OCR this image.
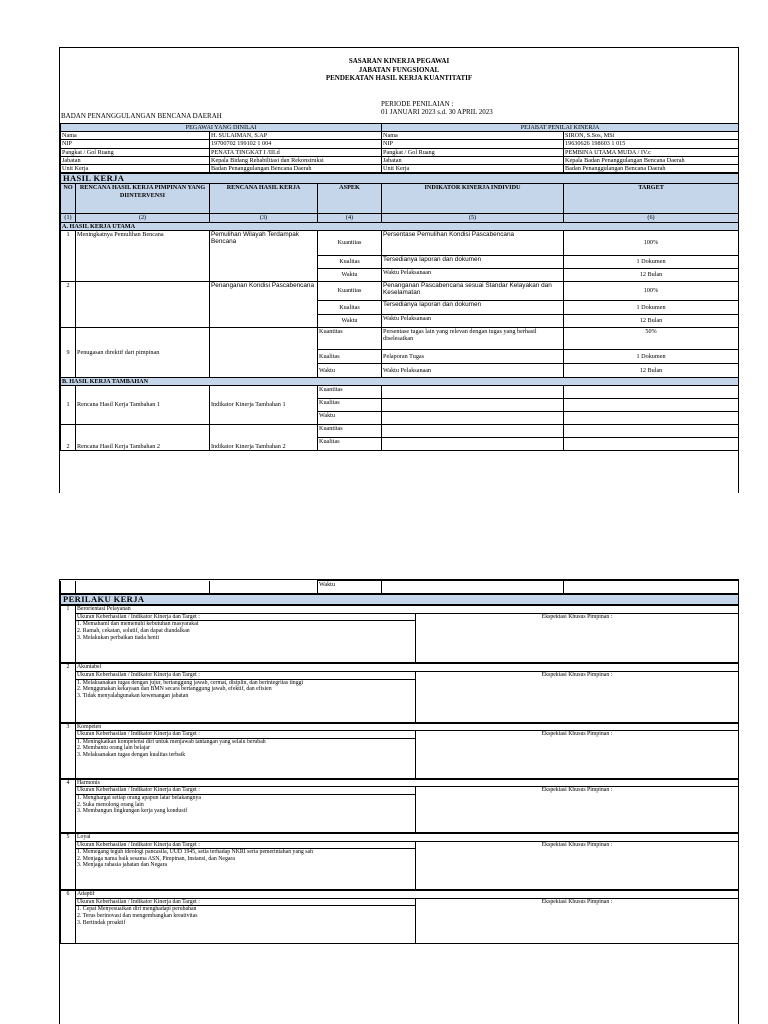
SASARAN KINERJA PEGAWAI
JABATAN FUNGSIONAL
PENDEKATAN HASIL KERJA KUANTITATIF
PERIODE PENILAIAN :
01 JANUARI 2023 s.d. 30 APRIL 2023
BADAN PENANGGULANGAN BENCANA DAERAH
PEGAWAI YANG DINILAI		PEJABAT PENILAI KINERJA	
Nama	H. SULAIMAN, S.AP	Nama	SIRON, S.Sos, MSi
NIP	19700702 199102 1 004	NIP	19630626 198603 1 015
Pangkat / Gol Ruang	PENATA TINGKAT I /III.d	Pangkat / Gol Ruang	PEMBINA UTAMA MUDA / IV.c
Jabatan	Kepala Bidang Rehabilitasi dan Rekonstruksi	Jabatan	Kepala Badan Penanggulangan Bencana Daerah
Unit Kerja	Badan Penanggulangan Bencana Daerah	Unit Kerja	Badan Penanggulangan Bencana Daerah
HASIL KERJA					
NO	RENCANA HASIL KERJA PIMPINAN YANG DIINTERVENSI	RENCANA HASIL KERJA	ASPEK	INDIKATOR KINERJA INDIVIDU	TARGET
(1)	(2)	(3)	(4)	(5)	(6)
A. HASIL KERJA UTAMA					
1	Meningkatnya Pemulihan Bencana	Pemulihan Wilayah Terdampak Bencana	Kuantitas	Persentase Pemulihan Kondisi Pascabencana	100%
			Kualitas	Tersedianya laporan dan dokumen	1 Dokumen
			Waktu	Waktu Pelaksanaan	12 Bulan
2		Penanganan Kondisi Pascabencana	Kuantitas	Penanganan Pascabencana sesuai Standar Kelayakan dan Keselamatan	100%
			Kualitas	Tersedianya laporan dan dokumen	1 Dokumen
			Waktu	Waktu Pelaksanaan	12 Bulan
9	Penugasan direktif dari pimpinan		Kuantitas	Persentase tugas lain yang relevan dengan tugas yang berhasil diselesaikan	50%
			Kualitas	Pelaporan Tugas	1 Dokumen
			Waktu	Waktu Pelaksanaan	12 Bulan
B. HASIL KERJA TAMBAHAN					
1	Rencana Hasil Kerja Tambahan 1	Indikator Kinerja Tambahan 1	Kuantitas		
			Kualitas		
			Waktu		
2	Rencana Hasil Kerja Tambahan 2	Indikator Kinerja Tambahan 2	Kuantitas		
			Kualitas		
			Waktu		
PERILAKU KERJA
1	Berorientasi Pelayanan	
	Ukuran Keberhasilan / Indikator Kinerja dan Target :	Ekspektasi Khusus Pimpinan :

	1. Memahami dan memenuhi kebutuhan masyarakat
2. Ramah, cekatan, solutif, dan dapat diandalkan
3. Melakukan perbaikan tiada henti	
2	Akuntabel	
	Ukuran Keberhasilan / Indikator Kinerja dan Target :	Ekspektasi Khusus Pimpinan :

	1. Melaksanakan tugas dengan jujur, bertanggung jawab, cermat, disiplin, dan berintegritas tinggi
2. Menggunakan kekayaan dan BMN secara bertanggung jawab, efektif, dan efisien
3. Tidak menyalahgunakan kewenangan jabatan	
3	Kompeten	
	Ukuran Keberhasilan / Indikator Kinerja dan Target :	Ekspektasi Khusus Pimpinan :

	1. Meningkatkan kompetensi diri untuk menjawab tantangan yang selalu berubah
2. Membantu orang lain belajar
3. Melaksanakan tugas dengan kualitas terbaik	
4	Harmonis	
	Ukuran Keberhasilan / Indikator Kinerja dan Target :	Ekspektasi Khusus Pimpinan :

	1. Menghargai setiap orang apapun latar belakangnya
2. Suka menolong orang lain
3. Membangun lingkungan kerja yang kondusif	
5	Loyal	
	Ukuran Keberhasilan / Indikator Kinerja dan Target :	Ekspektasi Khusus Pimpinan :

	1. Memegang teguh ideologi pancasila, UUD 1945, setia terhadap NKRI serta pemerintahan yang sah
2. Menjaga nama baik sesama ASN, Pimpinan, Instansi, dan Negara
3. Menjaga rahasia jabatan dan Negara	
6	Adaptif	
	Ukuran Keberhasilan / Indikator Kinerja dan Target :	Ekspektasi Khusus Pimpinan :

	1. Cepat Menyesuaikan diri menghadapi perubahan
2. Terus berinovasi dan mengembangkan kreativitas
3. Bertindak proaktif	
